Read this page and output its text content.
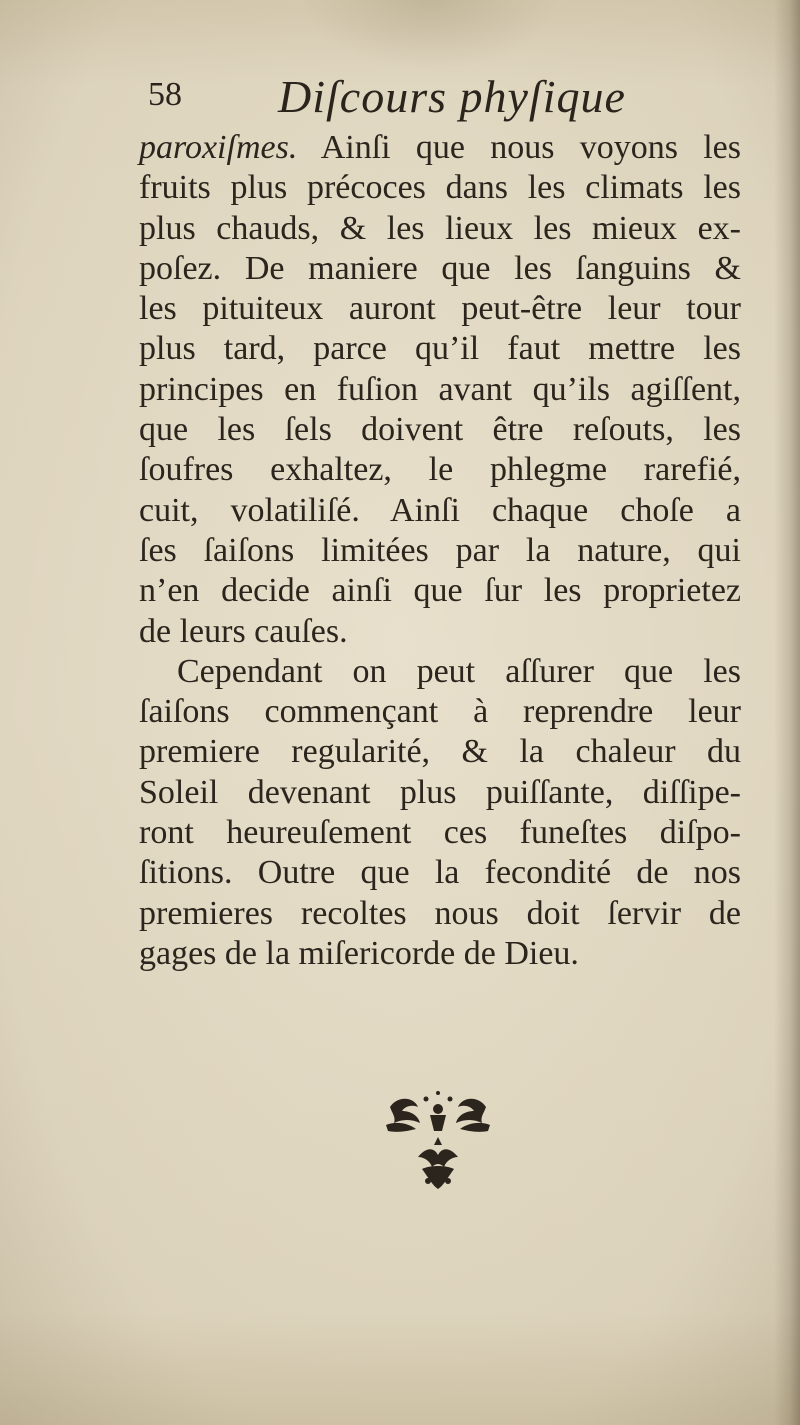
58 Diſcours phyſique
paroxiſmes. Ainſi que nous voyons les
fruits plus précoces dans les climats les
plus chauds, & les lieux les mieux ex-
poſez. De maniere que les ſanguins &
les pituiteux auront peut-être leur tour
plus tard, parce qu’il faut mettre les
principes en fuſion avant qu’ils agiſſent,
que les ſels doivent être reſouts, les
ſoufres exhaltez, le phlegme rarefié,
cuit, volatiliſé. Ainſi chaque choſe a
ſes ſaiſons limitées par la nature, qui
n’en decide ainſi que ſur les proprietez
de leurs cauſes.
Cependant on peut aſſurer que les
ſaiſons commençant à reprendre leur
premiere regularité, & la chaleur du
Soleil devenant plus puiſſante, diſſipe-
ront heureuſement ces funeſtes diſpo-
ſitions. Outre que la fecondité de nos
premieres recoltes nous doit ſervir de
gages de la miſericorde de Dieu.
